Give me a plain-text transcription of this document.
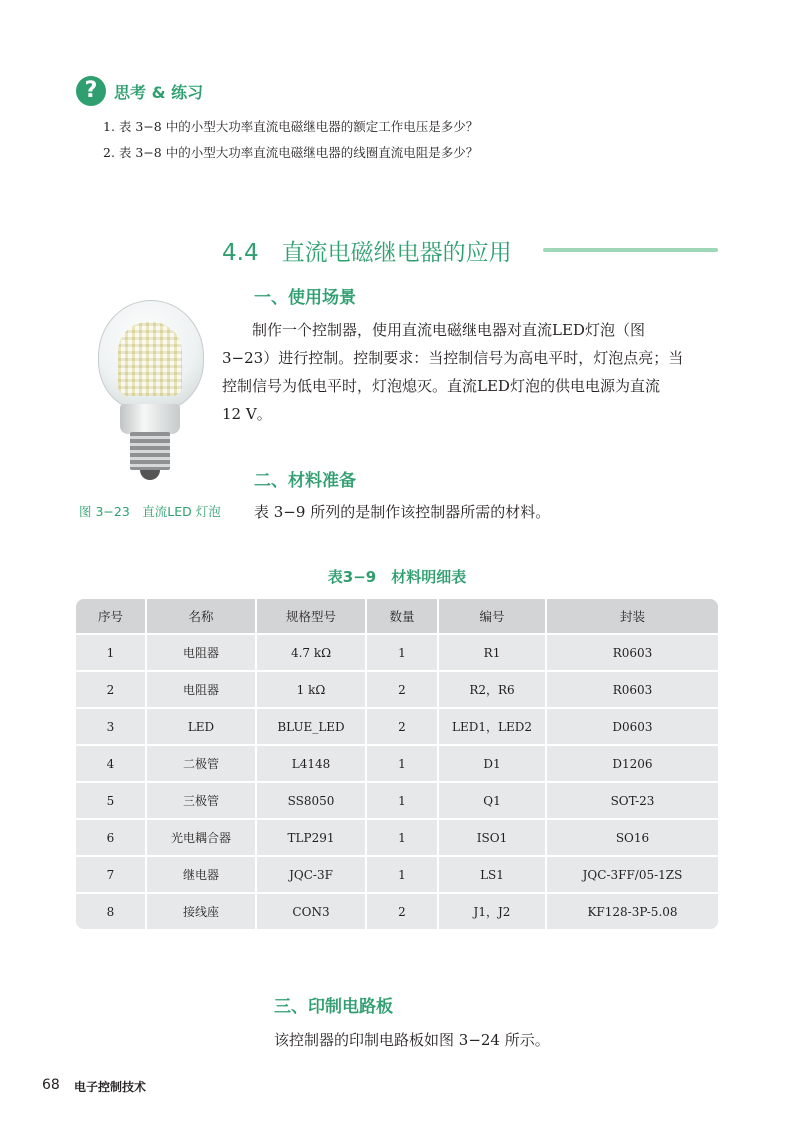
?	思考 & 练习
1. 表 3−8 中的小型大功率直流电磁继电器的额定工作电压是多少？
2. 表 3−8 中的小型大功率直流电磁继电器的线圈直流电阻是多少？
4.4　直流电磁继电器的应用
一、使用场景
制作一个控制器，使用直流电磁继电器对直流LED灯泡（图
3−23）进行控制。控制要求：当控制信号为高电平时，灯泡点亮；当
控制信号为低电平时，灯泡熄灭。直流LED灯泡的供电电源为直流
12 V。
图 3−23　直流LED 灯泡
二、材料准备
表 3−9 所列的是制作该控制器所需的材料。
表3−9　材料明细表
序号	名称	规格型号	数量	编号	封装
1	电阻器	4.7 kΩ	1	R1	R0603
2	电阻器	1 kΩ	2	R2，R6	R0603
3	LED	BLUE_LED	2	LED1，LED2	D0603
4	二极管	L4148	1	D1	D1206
5	三极管	SS8050	1	Q1	SOT-23
6	光电耦合器	TLP291	1	ISO1	SO16
7	继电器	JQC-3F	1	LS1	JQC-3FF/05-1ZS
8	接线座	CON3	2	J1，J2	KF128-3P-5.08
三、印制电路板
该控制器的印制电路板如图 3−24 所示。
68 电子控制技术
